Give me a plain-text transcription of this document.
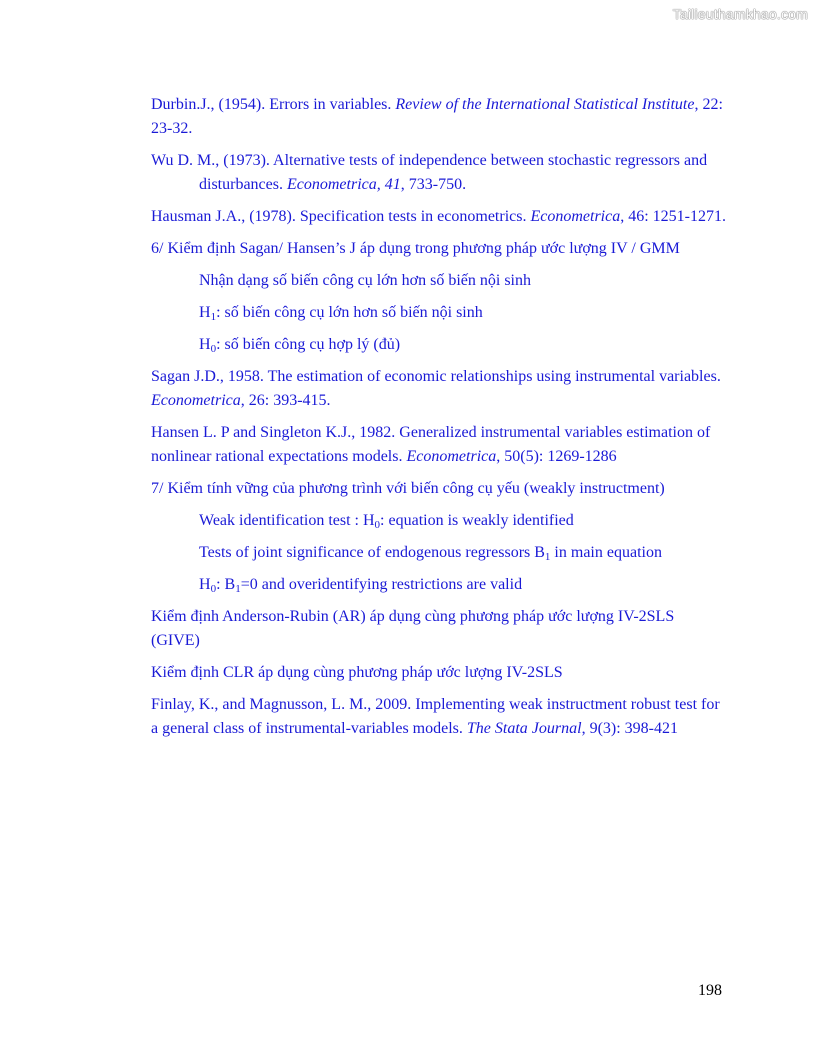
Tailieuthamkhao.com

Durbin.J., (1954). Errors in variables. Review of the International Statistical Institute, 22: 23-32.

Wu D. M., (1973). Alternative tests of independence between stochastic regressors and disturbances. Econometrica, 41, 733-750.

Hausman J.A., (1978). Specification tests in econometrics. Econometrica, 46: 1251-1271.

6/ Kiểm định Sagan/ Hansen’s J áp dụng trong phương pháp ước lượng IV / GMM

Nhận dạng số biến công cụ lớn hơn số biến nội sinh

$H_1$: số biến công cụ lớn hơn số biến nội sinh

$H_0$: số biến công cụ hợp lý (đủ)

Sagan J.D., 1958. The estimation of economic relationships using instrumental variables. Econometrica, 26: 393-415.

Hansen L. P and Singleton K.J., 1982. Generalized instrumental variables estimation of nonlinear rational expectations models. Econometrica, 50(5): 1269-1286

7/ Kiểm tính vững của phương trình với biến công cụ yếu (weakly instructment)

Weak identification test : $H_0$: equation is weakly identified

Tests of joint significance of endogenous regressors $B_1$ in main equation

$H_0$: $B_1=0$ and overidentifying restrictions are valid

Kiểm định Anderson-Rubin (AR) áp dụng cùng phương pháp ước lượng IV-2SLS (GIVE)

Kiểm định CLR áp dụng cùng phương pháp ước lượng IV-2SLS

Finlay, K., and Magnusson, L. M., 2009. Implementing weak instructment robust test for a general class of instrumental-variables models. The Stata Journal, 9(3): 398-421

198
